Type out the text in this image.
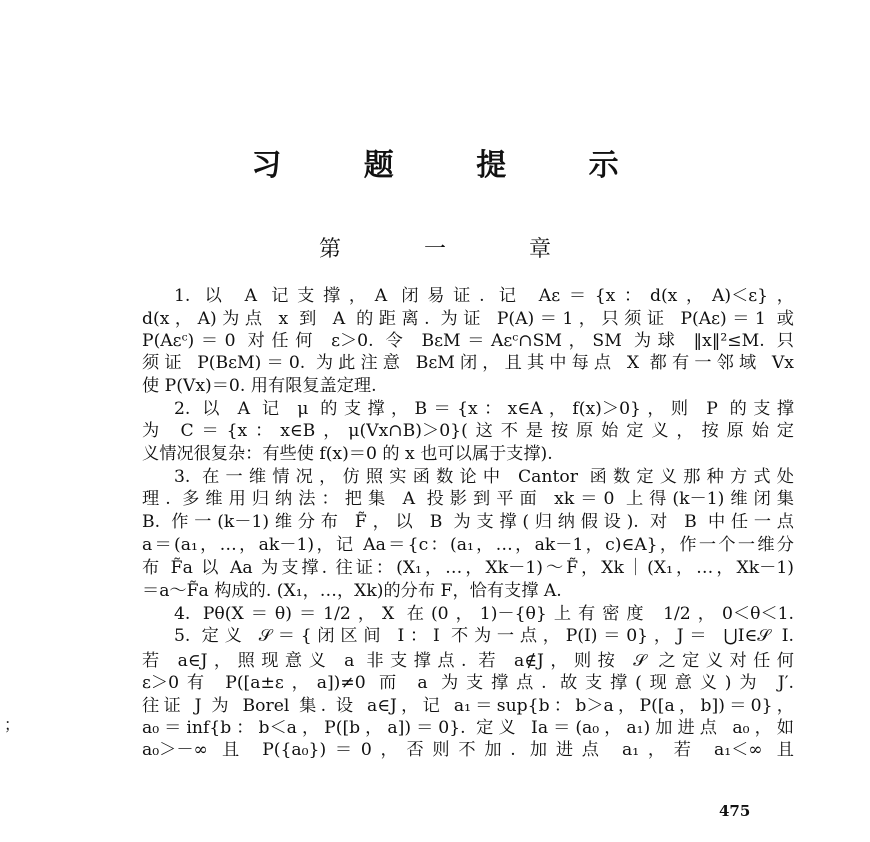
习 题 提 示
第 一 章
1. 以 A 记支撑，A 闭易证. 记 Aε＝{x：d(x，A)＜ε}，
d(x，A)为点 x 到 A 的距离. 为证 P(A)＝1，只须证 P(Aε)＝1 或
P(Aεᶜ)＝0 对任何 ε＞0. 令 BεM＝Aεᶜ∩SM，SM 为球 ‖x‖²≤M. 只
须证 P(BεM)＝0. 为此注意 BεM闭，且其中每点 X 都有一邻域 Vx
使 P(Vx)＝0. 用有限复盖定理.
2. 以 A 记 μ 的支撑，B＝{x：x∈A，f(x)＞0}，则 P 的支撑
为 C＝{x：x∈B，μ(Vx∩B)＞0}(这不是按原始定义，按原始定
义情况很复杂：有些使 f(x)＝0 的 x 也可以属于支撑).
3. 在一维情况，仿照实函数论中 Cantor 函数定义那种方式处
理. 多维用归纳法：把集 A 投影到平面 xk＝0 上得(k－1)维闭集
B. 作一(k－1)维分布 F̃，以 B 为支撑(归纳假设). 对 B 中任一点
a＝(a₁，…，ak－1)，记 Aa＝{c：(a₁，…，ak－1，c)∈A}，作一个一维分
布 F̃a 以 Aa 为支撑. 往证：(X₁，…，Xk－1)～F̃，Xk｜(X₁，…，Xk－1)
＝a～F̃a 构成的. (X₁，…，Xk)的分布 F，恰有支撑 A.
4. Pθ(X＝θ)＝1/2，X 在(0，1)－{θ}上有密度 1/2，0＜θ＜1.
5. 定义 𝒮＝{闭区间 I：I 不为一点，P(I)＝0}，J＝ ⋃I∈𝒮 I.
若 a∈J，照现意义 a 非支撑点. 若 a∉J，则按 𝒮 之定义对任何
ε＞0有 P([a±ε，a])≠0 而 a 为支撑点. 故支撑(现意义)为 J′.
往证 J 为 Borel 集. 设 a∈J，记 a₁＝sup{b：b＞a，P([a，b])＝0}，
a₀＝inf{b：b＜a，P([b，a])＝0}. 定义 Ia＝(a₀，a₁)加进点 a₀，如
a₀＞－∞ 且 P({a₀})＝0，否则不加. 加进点 a₁，若 a₁＜∞ 且
475
；
